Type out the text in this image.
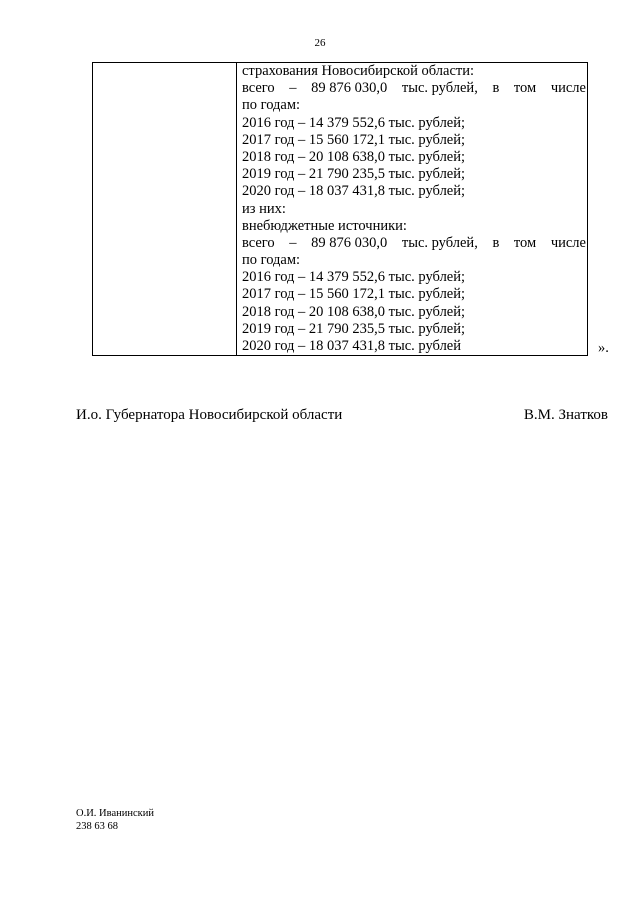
26

страхования Новосибирской области:
всего – 89 876 030,0 тыс. рублей, в том числе
по годам:
2016 год – 14 379 552,6 тыс. рублей;
2017 год – 15 560 172,1 тыс. рублей;
2018 год – 20 108 638,0 тыс. рублей;
2019 год – 21 790 235,5 тыс. рублей;
2020 год – 18 037 431,8 тыс. рублей;
из них:
внебюджетные источники:
всего – 89 876 030,0 тыс. рублей, в том числе
по годам:
2016 год – 14 379 552,6 тыс. рублей;
2017 год – 15 560 172,1 тыс. рублей;
2018 год – 20 108 638,0 тыс. рублей;
2019 год – 21 790 235,5 тыс. рублей;
2020 год – 18 037 431,8 тыс. рублей	».
И.о. Губернатора Новосибирской области	В.М. Знатков
О.И. Иванинский
238 63 68
